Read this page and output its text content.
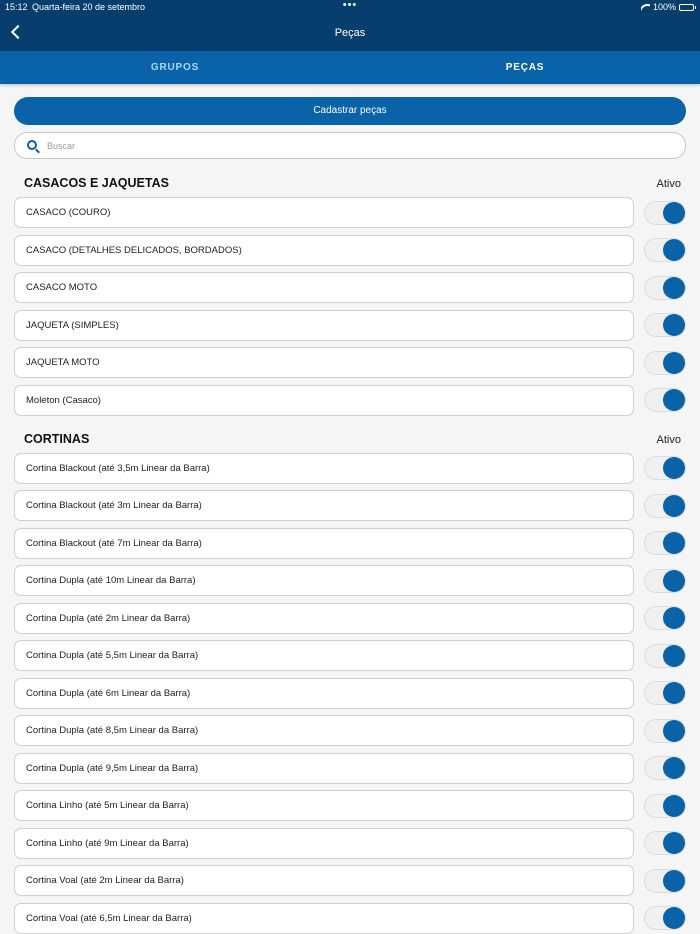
15:12 Quarta-feira 20 de setembro	•••	100%
Peças
GRUPOS	PEÇAS
Cadastrar peças
Buscar
CASACOS E JAQUETAS	Ativo
CASACO (COURO)
CASACO (DETALHES DELICADOS, BORDADOS)
CASACO MOTO
JAQUETA (SIMPLES)
JAQUETA MOTO
Moleton (Casaco)
CORTINAS	Ativo
Cortina Blackout (até 3,5m Linear da Barra)
Cortina Blackout (até 3m Linear da Barra)
Cortina Blackout (até 7m Linear da Barra)
Cortina Dupla (até 10m Linear da Barra)
Cortina Dupla (até 2m Linear da Barra)
Cortina Dupla (até 5,5m Linear da Barra)
Cortina Dupla (até 6m Linear da Barra)
Cortina Dupla (até 8,5m Linear da Barra)
Cortina Dupla (até 9,5m Linear da Barra)
Cortina Linho (até 5m Linear da Barra)
Cortina Linho (até 9m Linear da Barra)
Cortina Voal (até 2m Linear da Barra)
Cortina Voal (até 6,5m Linear da Barra)
